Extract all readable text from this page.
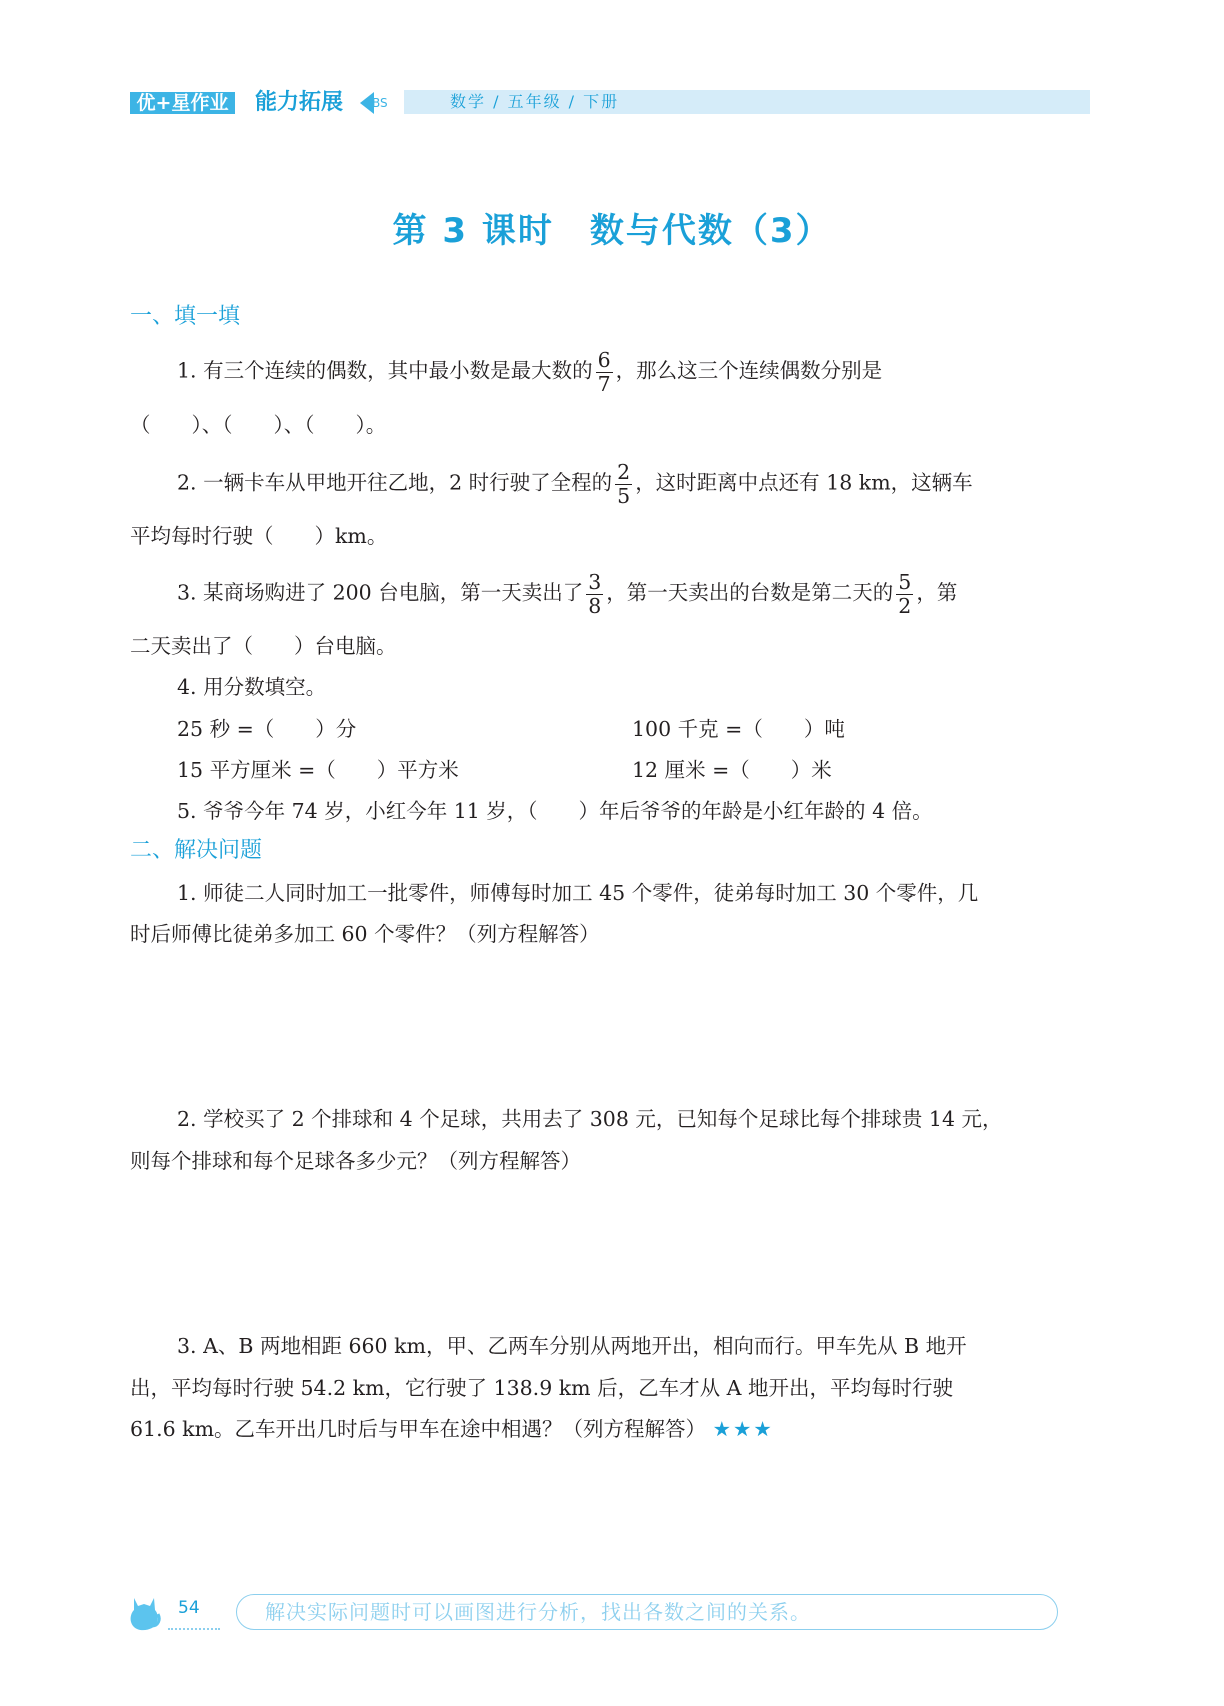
优+星作业 能力拓展 BS	数学 / 五年级 / 下册
第 3 课时　数与代数（3）
一、填一填
1. 有三个连续的偶数，其中最小数是最大数的 $\frac{6}{7}$ ，那么这三个连续偶数分别是
（　　）、（　　）、（　　）。
2. 一辆卡车从甲地开往乙地，2 时行驶了全程的 $\frac{2}{5}$ ，这时距离中点还有 18 km，这辆车
平均每时行驶（　　）km。
3. 某商场购进了 200 台电脑，第一天卖出了 $\frac{3}{8}$ ，第一天卖出的台数是第二天的 $\frac{5}{2}$ ，第
二天卖出了（　　）台电脑。
4. 用分数填空。
25 秒 =（　　）分	100 千克 =（　　）吨
15 平方厘米 =（　　）平方米	12 厘米 =（　　）米
5. 爷爷今年 74 岁，小红今年 11 岁，（　　）年后爷爷的年龄是小红年龄的 4 倍。
二、解决问题
1. 师徒二人同时加工一批零件，师傅每时加工 45 个零件，徒弟每时加工 30 个零件，几
时后师傅比徒弟多加工 60 个零件？（列方程解答）
2. 学校买了 2 个排球和 4 个足球，共用去了 308 元，已知每个足球比每个排球贵 14 元，
则每个排球和每个足球各多少元？（列方程解答）
3. A、B 两地相距 660 km，甲、乙两车分别从两地开出，相向而行。甲车先从 B 地开
出，平均每时行驶 54.2 km，它行驶了 138.9 km 后，乙车才从 A 地开出，平均每时行驶
61.6 km。乙车开出几时后与甲车在途中相遇？（列方程解答） ★★★
54	解决实际问题时可以画图进行分析，找出各数之间的关系。
